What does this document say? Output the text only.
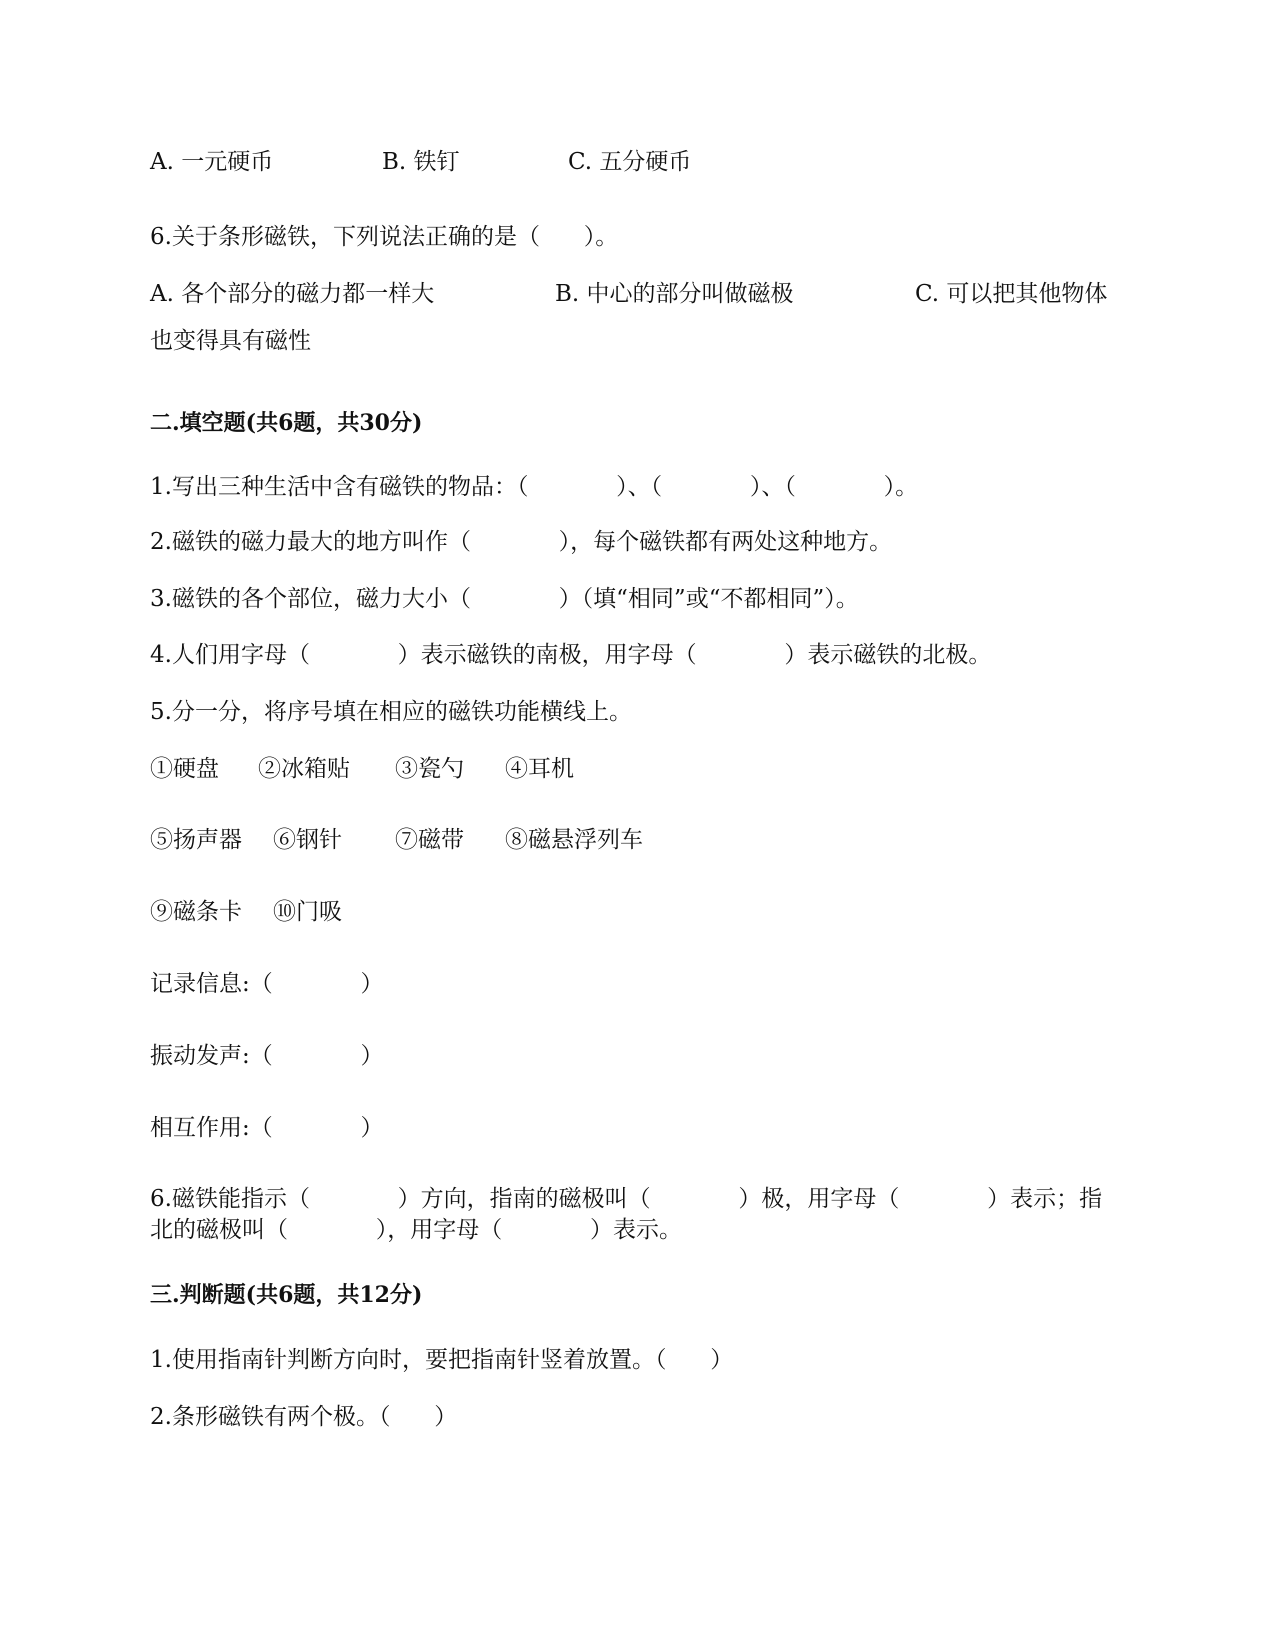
A. 一元硬币	B. 铁钉	C. 五分硬币
6.关于条形磁铁，下列说法正确的是（      ）。
A. 各个部分的磁力都一样大	B. 中心的部分叫做磁极	C. 可以把其他物体
也变得具有磁性
二.填空题(共6题，共30分)
1.写出三种生活中含有磁铁的物品：（            ）、（            ）、（            ）。
2.磁铁的磁力最大的地方叫作（            ），每个磁铁都有两处这种地方。
3.磁铁的各个部位，磁力大小（            ）（填“相同”或“不都相同”）。
4.人们用字母（            ）表示磁铁的南极，用字母（            ）表示磁铁的北极。
5.分一分，将序号填在相应的磁铁功能横线上。
①硬盘 ②冰箱贴 ③瓷勺 ④耳机
⑤扬声器 ⑥钢针 ⑦磁带 ⑧磁悬浮列车
⑨磁条卡 ⑩门吸
记录信息:（            ）
振动发声:（            ）
相互作用:（            ）
6.磁铁能指示（            ）方向，指南的磁极叫（            ）极，用字母（            ）表示；指
北的磁极叫（            ），用字母（            ）表示。
三.判断题(共6题，共12分)
1.使用指南针判断方向时，要把指南针竖着放置。（      ）
2.条形磁铁有两个极。（      ）
